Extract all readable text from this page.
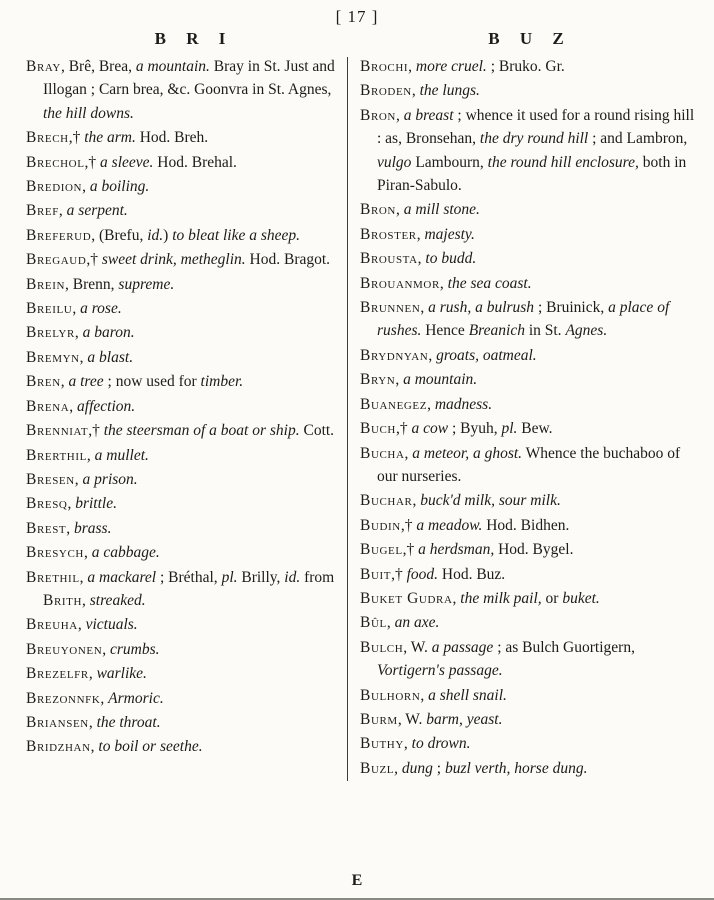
[ 17 ]
B R I	B U Z

Bray, Brê, Brea, a mountain. Bray in St. Just and Illogan ; Carn brea, &c. Goonvra in St. Agnes, the hill downs.

Brech,† the arm. Hod. Breh.

Brechol,† a sleeve. Hod. Brehal.

Bredion, a boiling.

Bref, a serpent.

Breferud, (Brefu, id.) to bleat like a sheep.

Bregaud,† sweet drink, metheglin. Hod. Bragot.

Brein, Brenn, supreme.

Breilu, a rose.

Brelyr, a baron.

Bremyn, a blast.

Bren, a tree ; now used for timber.

Brena, affection.

Brenniat,† the steersman of a boat or ship. Cott.

Brerthil, a mullet.

Bresen, a prison.

Bresq, brittle.

Brest, brass.

Bresych, a cabbage.

Brethil, a mackarel ; Bréthal, pl. Brilly, id. from Brith, streaked.

Breuha, victuals.

Breuyonen, crumbs.

Brezelfr, warlike.

Brezonnfk, Armoric.

Briansen, the throat.

Bridzhan, to boil or seethe.

Brochi, more cruel. ; Bruko. Gr.

Broden, the lungs.

Bron, a breast ; whence it used for a round rising hill : as, Bronsehan, the dry round hill ; and Lambron, vulgo Lambourn, the round hill enclosure, both in Piran-Sabulo.

Bron, a mill stone.

Broster, majesty.

Brousta, to budd.

Brouanmor, the sea coast.

Brunnen, a rush, a bulrush ; Bruinick, a place of rushes. Hence Breanich in St. Agnes.

Brydnyan, groats, oatmeal.

Bryn, a mountain.

Buanegez, madness.

Buch,† a cow ; Byuh, pl. Bew.

Bucha, a meteor, a ghost. Whence the buchaboo of our nurseries.

Buchar, buck'd milk, sour milk.

Budin,† a meadow. Hod. Bidhen.

Bugel,† a herdsman, Hod. Bygel.

Buit,† food. Hod. Buz.

Buket Gudra, the milk pail, or buket.

Bûl, an axe.

Bulch, W. a passage ; as Bulch Guortigern, Vortigern's passage.

Bulhorn, a shell snail.

Burm, W. barm, yeast.

Buthy, to drown.

Buzl, dung ; buzl verth, horse dung.

E
